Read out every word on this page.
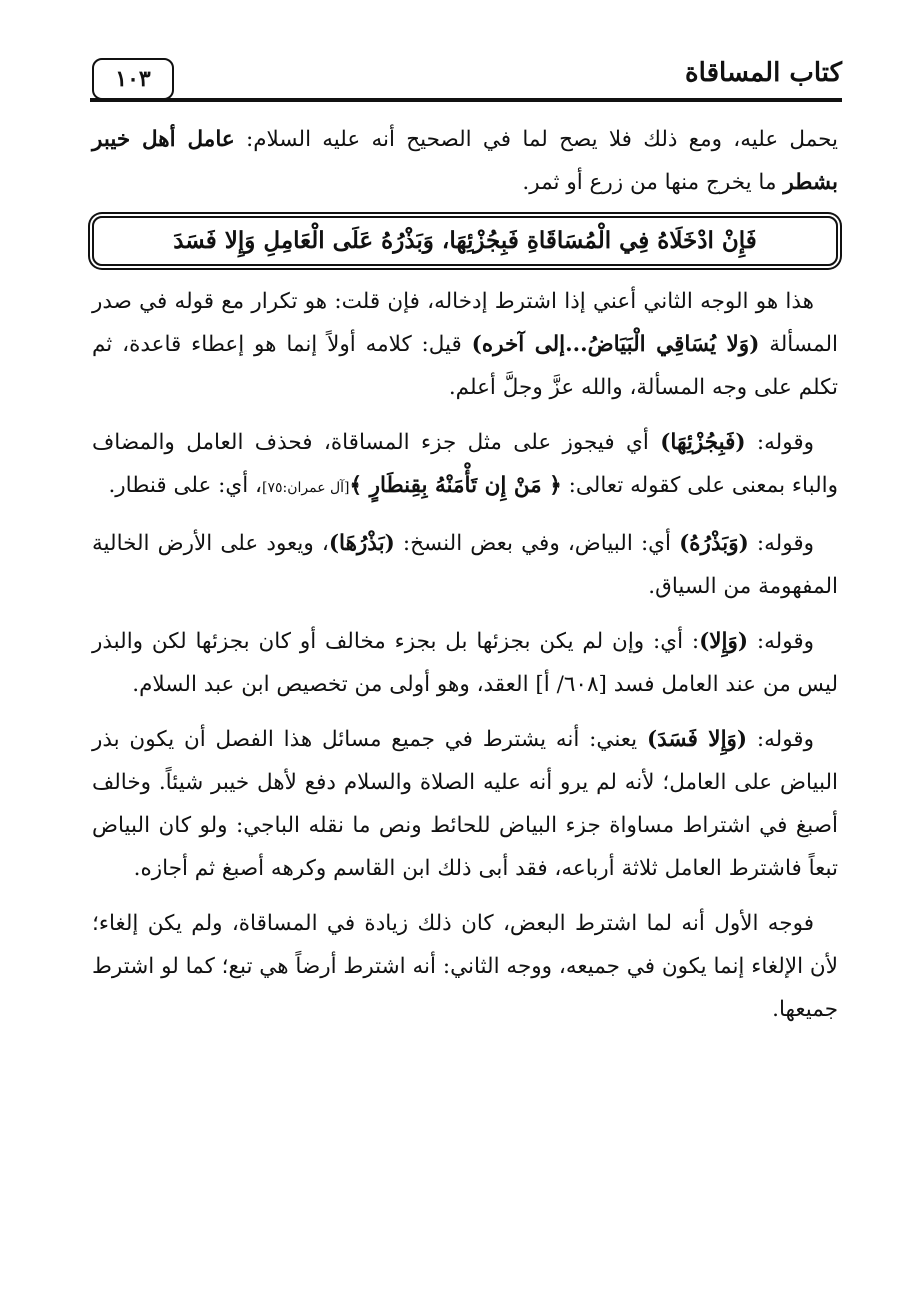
كتاب المساقاة
١٠٣

يحمل عليه، ومع ذلك فلا يصح لما في الصحيح أنه عليه السلام: عامل أهل خيبر بشطر ما يخرج منها من زرع أو ثمر.

فَإِنْ ادْخَلَاهُ فِي الْمُسَاقَاةِ فَبِجُزْئِهَا، وَبَذْرُهُ عَلَى الْعَامِلِ وَإِلا فَسَدَ

هذا هو الوجه الثاني أعني إذا اشترط إدخاله، فإن قلت: هو تكرار مع قوله في صدر المسألة (وَلا يُسَاقِي الْبَيَاضُ...إلى آخره) قيل: كلامه أولاً إنما هو إعطاء قاعدة، ثم تكلم على وجه المسألة، والله عزَّ وجلَّ أعلم.

وقوله: (فَبِجُزْئِهَا) أي فيجوز على مثل جزء المساقاة، فحذف العامل والمضاف والباء بمعنى على كقوله تعالى: ﴿ مَنْ إِن تَأْمَنْهُ بِقِنطَارٍ ﴾[آل عمران:٧٥]، أي: على قنطار.

وقوله: (وَبَذْرُهُ) أي: البياض، وفي بعض النسخ: (بَذْرُهَا)، ويعود على الأرض الخالية المفهومة من السياق.

وقوله: (وَإِلا): أي: وإن لم يكن بجزئها بل بجزء مخالف أو كان بجزئها لكن والبذر ليس من عند العامل فسد [٦٠٨/ أ] العقد، وهو أولى من تخصيص ابن عبد السلام.

وقوله: (وَإِلا فَسَدَ) يعني: أنه يشترط في جميع مسائل هذا الفصل أن يكون بذر البياض على العامل؛ لأنه لم يرو أنه عليه الصلاة والسلام دفع لأهل خيبر شيئاً. وخالف أصبغ في اشتراط مساواة جزء البياض للحائط ونص ما نقله الباجي: ولو كان البياض تبعاً فاشترط العامل ثلاثة أرباعه، فقد أبى ذلك ابن القاسم وكرهه أصبغ ثم أجازه.

فوجه الأول أنه لما اشترط البعض، كان ذلك زيادة في المساقاة، ولم يكن إلغاء؛ لأن الإلغاء إنما يكون في جميعه، ووجه الثاني: أنه اشترط أرضاً هي تبع؛ كما لو اشترط جميعها.
